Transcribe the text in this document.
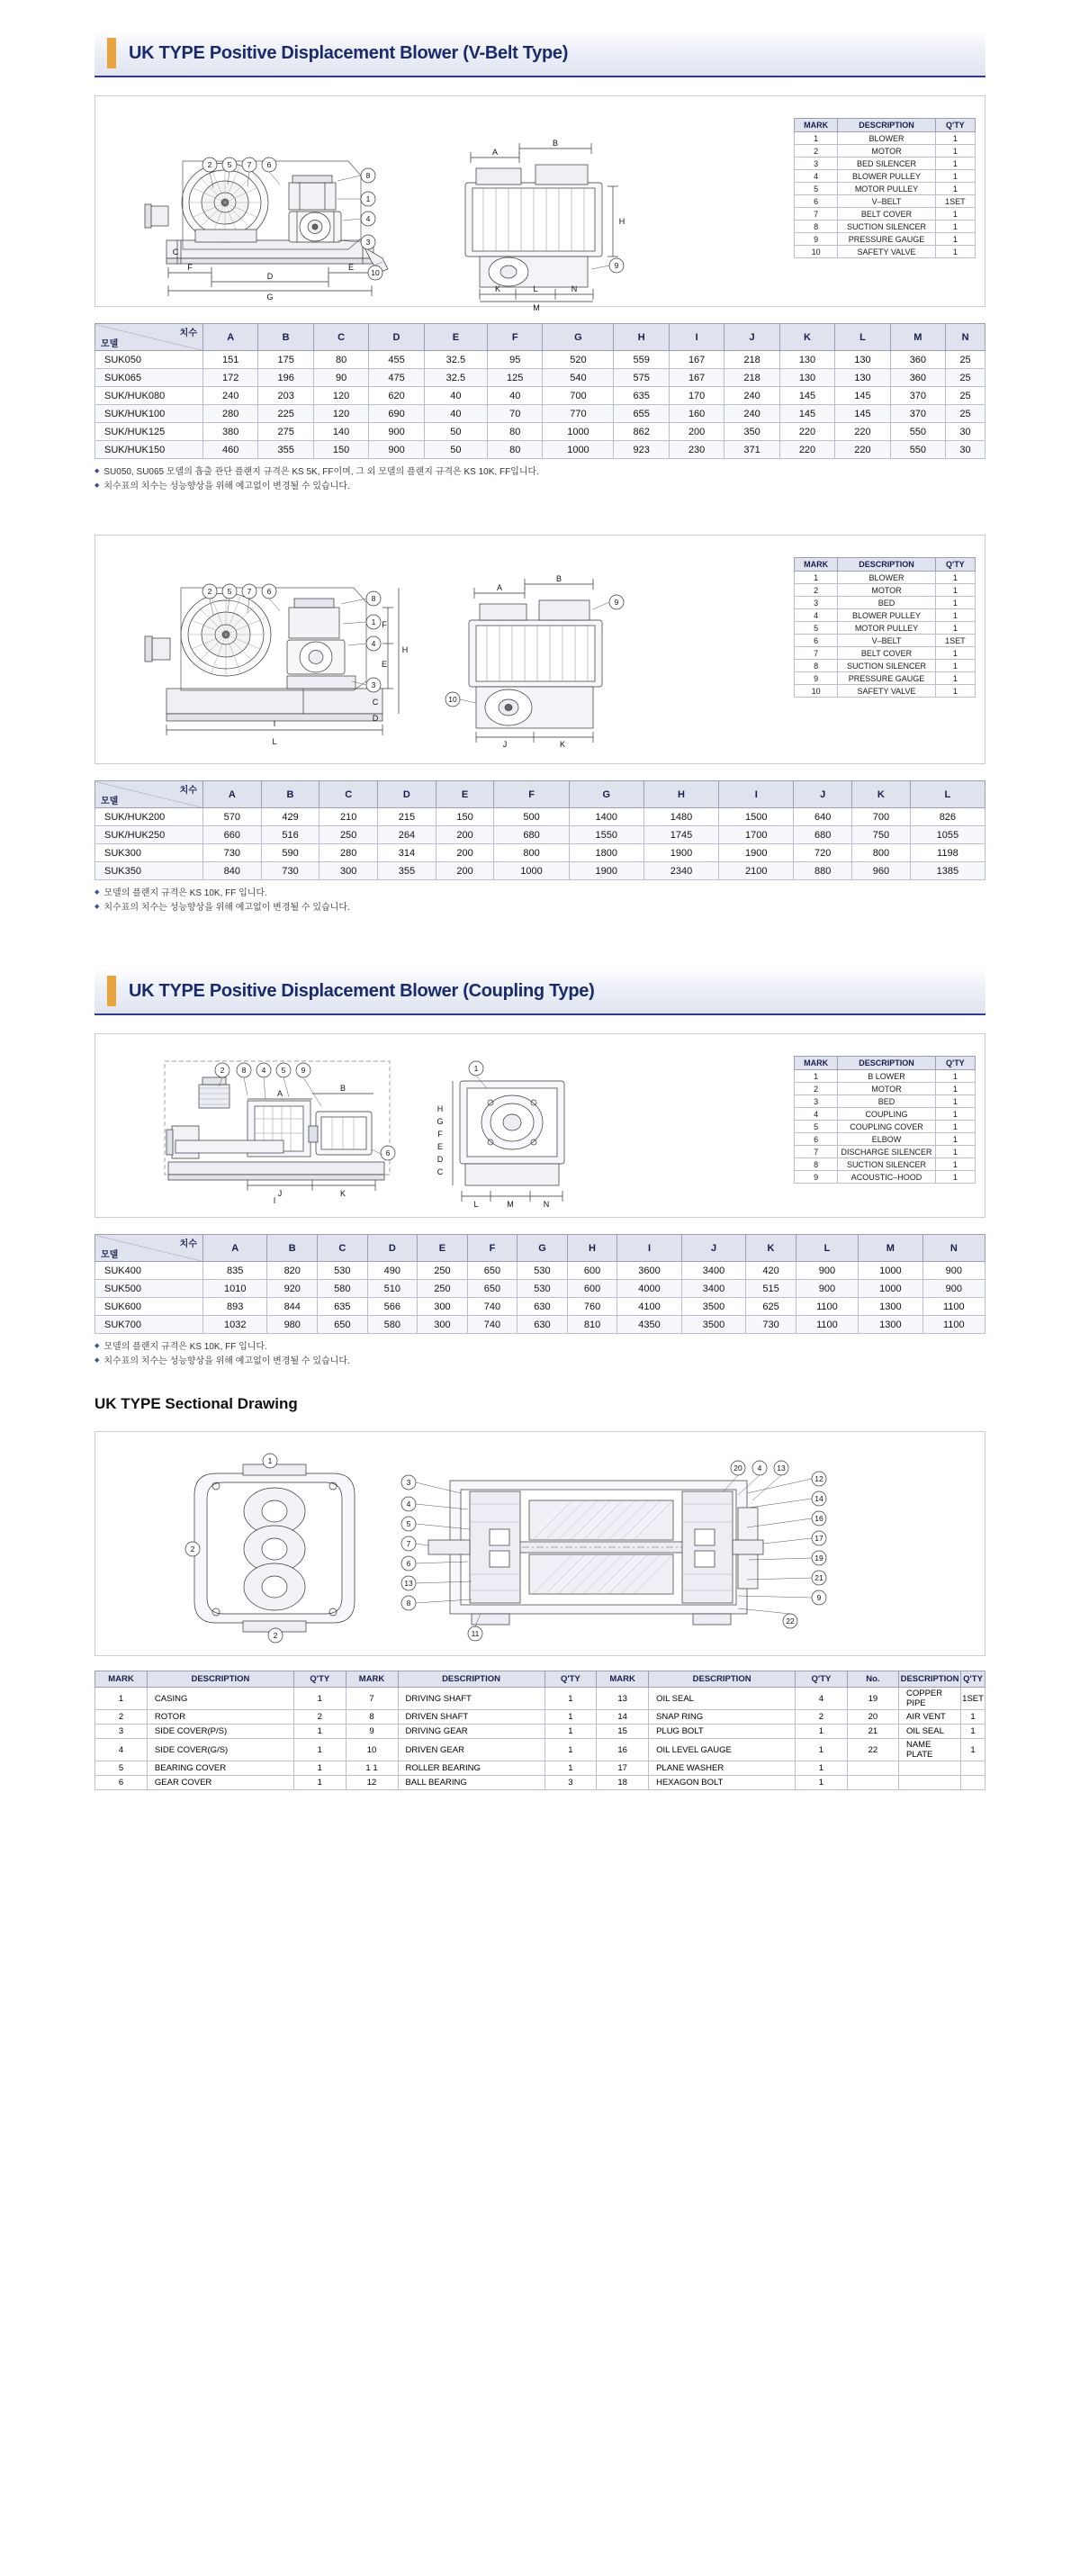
UK TYPE Positive Displacement Blower (V-Belt Type)
2 5 7 6
8
1
4
3
10
9
A
B
H
C
F	E
D
G
K	L	N
M
MARK	DESCRIPTION	Q'TY
1	BLOWER	1
2	MOTOR	1
3	BED SILENCER	1
4	BLOWER PULLEY	1
5	MOTOR PULLEY	1
6	V–BELT	1SET
7	BELT COVER	1
8	SUCTION SILENCER	1
9	PRESSURE GAUGE	1
10	SAFETY VALVE	1
치수
모델	A	B	C	D	E	F	G	H	I	J	K	L	M	N
SUK050	151	175	80	455	32.5	95	520	559	167	218	130	130	360	25
SUK065	172	196	90	475	32.5	125	540	575	167	218	130	130	360	25
SUK/HUK080	240	203	120	620	40	40	700	635	170	240	145	145	370	25
SUK/HUK100	280	225	120	690	40	70	770	655	160	240	145	145	370	25
SUK/HUK125	380	275	140	900	50	80	1000	862	200	350	220	220	550	30
SUK/HUK150	460	355	150	900	50	80	1000	923	230	371	220	220	550	30
◆ SU050, SU065 모델의 흡출 관단 플랜지 규격은 KS 5K, FF이며, 그 외 모델의 플랜지 규격은 KS 10K, FF입니다.
◆ 치수표의 치수는 성능향상을 위해 예고없이 변경될 수 있습니다.
2 5 7 6
8
1
4
3
9
10
A
B
F
E
H
C
D
I
J	K
L
MARK	DESCRIPTION	Q'TY
1	BLOWER	1
2	MOTOR	1
3	BED	1
4	BLOWER PULLEY	1
5	MOTOR PULLEY	1
6	V–BELT	1SET
7	BELT COVER	1
8	SUCTION SILENCER	1
9	PRESSURE GAUGE	1
10	SAFETY VALVE	1
치수
모델	A	B	C	D	E	F	G	H	I	J	K	L
SUK/HUK200	570	429	210	215	150	500	1400	1480	1500	640	700	826
SUK/HUK250	660	516	250	264	200	680	1550	1745	1700	680	750	1055
SUK300	730	590	280	314	200	800	1800	1900	1900	720	800	1198
SUK350	840	730	300	355	200	1000	1900	2340	2100	880	960	1385
◆ 모델의 플랜지 규격은 KS 10K, FF 입니다.
◆ 치수표의 치수는 성능향상을 위해 예고없이 변경될 수 있습니다.
UK TYPE Positive Displacement Blower (Coupling Type)
2 8 4 5 9
6
1
A
B
C
D
E
F
G
H
J	K
L	M	N
I
MARK	DESCRIPTION	Q'TY
1	B LOWER	1
2	MOTOR	1
3	BED	1
4	COUPLING	1
5	COUPLING COVER	1
6	ELBOW	1
7	DISCHARGE SILENCER	1
8	SUCTION SILENCER	1
9	ACOUSTIC–HOOD	1
치수
모델	A	B	C	D	E	F	G	H	I	J	K	L	M	N
SUK400	835	820	530	490	250	650	530	600	3600	3400	420	900	1000	900
SUK500	1010	920	580	510	250	650	530	600	4000	3400	515	900	1000	900
SUK600	893	844	635	566	300	740	630	760	4100	3500	625	1100	1300	1100
SUK700	1032	980	650	580	300	740	630	810	4350	3500	730	1100	1300	1100
◆ 모델의 플랜지 규격은 KS 10K, FF 입니다.
◆ 치수표의 치수는 성능향상을 위해 예고없이 변경될 수 있습니다.
UK TYPE Sectional Drawing
1
2
2
3
4
5
7
6
13
8
11
20 4 13
12
14
16
17
19
21
9
22
MARK	DESCRIPTION	Q'TY	MARK	DESCRIPTION	Q'TY	MARK	DESCRIPTION	Q'TY	No.	DESCRIPTION	Q'TY
1	CASING	1	7	DRIVING SHAFT	1	13	OIL SEAL	4	19	COPPER PIPE	1SET
2	ROTOR	2	8	DRIVEN SHAFT	1	14	SNAP RING	2	20	AIR VENT	1
3	SIDE COVER(P/S)	1	9	DRIVING GEAR	1	15	PLUG BOLT	1	21	OIL SEAL	1
4	SIDE COVER(G/S)	1	10	DRIVEN GEAR	1	16	OIL LEVEL GAUGE	1	22	NAME PLATE	1
5	BEARING COVER	1	1 1	ROLLER BEARING	1	17	PLANE WASHER	1			
6	GEAR COVER	1	12	BALL BEARING	3	18	HEXAGON BOLT	1			
